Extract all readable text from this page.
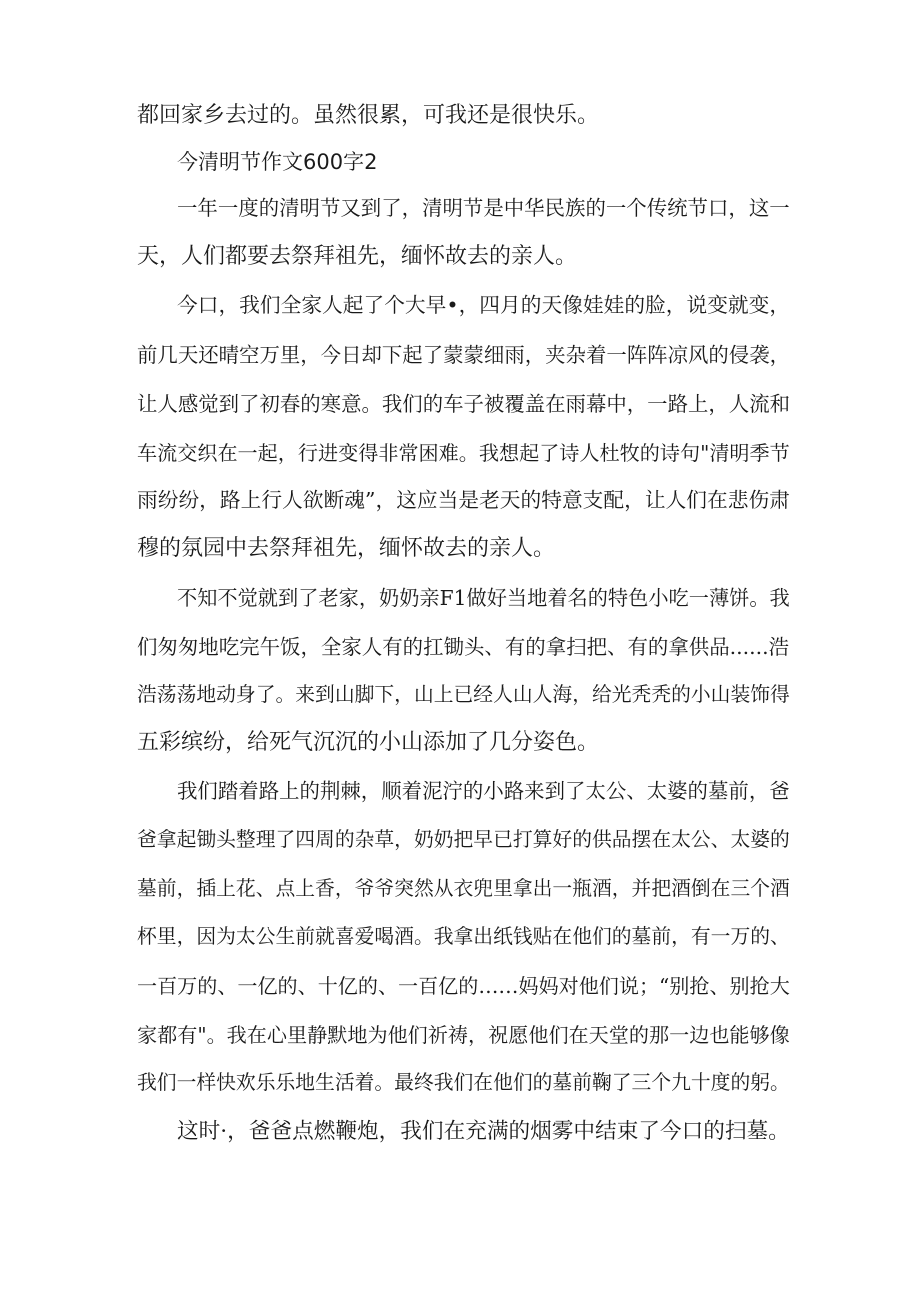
都回家乡去过的。虽然很累，可我还是很快乐。
今清明节作文600字2
一年一度的清明节又到了，清明节是中华民族的一个传统节口，这一
天，人们都要去祭拜祖先，缅怀故去的亲人。
今口，我们全家人起了个大早•，四月的天像娃娃的脸，说变就变，
前几天还晴空万里，今日却下起了蒙蒙细雨，夹杂着一阵阵凉风的侵袭，
让人感觉到了初春的寒意。我们的车子被覆盖在雨幕中，一路上，人流和
车流交织在一起，行进变得非常困难。我想起了诗人杜牧的诗句"清明季节
雨纷纷，路上行人欲断魂”，这应当是老天的特意支配，让人们在悲伤肃
穆的氛园中去祭拜祖先，缅怀故去的亲人。
不知不觉就到了老家，奶奶亲F1做好当地着名的特色小吃一薄饼。我
们匆匆地吃完午饭，全家人有的扛锄头、有的拿扫把、有的拿供品......浩
浩荡荡地动身了。来到山脚下，山上已经人山人海，给光秃秃的小山装饰得
五彩缤纷，给死气沉沉的小山添加了几分姿色。
我们踏着路上的荆棘，顺着泥泞的小路来到了太公、太婆的墓前，爸
爸拿起锄头整理了四周的杂草，奶奶把早已打算好的供品摆在太公、太婆的
墓前，插上花、点上香，爷爷突然从衣兜里拿出一瓶酒，并把酒倒在三个酒
杯里，因为太公生前就喜爱喝酒。我拿出纸钱贴在他们的墓前，有一万的、
一百万的、一亿的、十亿的、一百亿的……妈妈对他们说；“别抢、别抢大
家都有"。我在心里静默地为他们祈祷，祝愿他们在天堂的那一边也能够像
我们一样快欢乐乐地生活着。最终我们在他们的墓前鞠了三个九十度的躬。
这时·，爸爸点燃鞭炮，我们在充满的烟雾中结束了今口的扫墓。
